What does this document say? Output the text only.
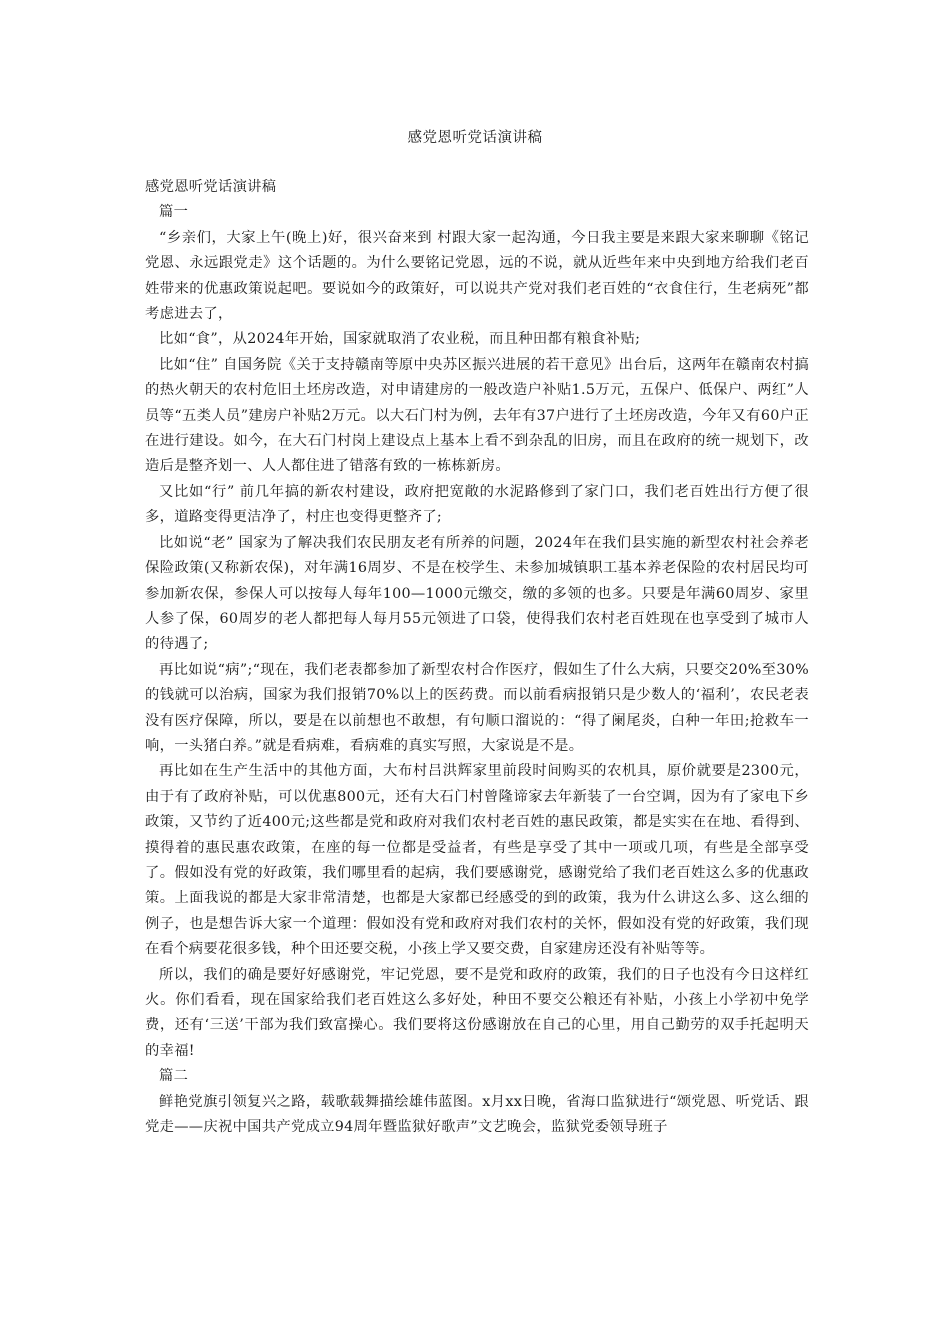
感党恩听党话演讲稿

感党恩听党话演讲稿

篇一

“乡亲们，大家上午(晚上)好，很兴奋来到 村跟大家一起沟通，今日我主要是来跟大家来聊聊《铭记党恩、永远跟党走》这个话题的。为什么要铭记党恩，远的不说，就从近些年来中央到地方给我们老百姓带来的优惠政策说起吧。要说如今的政策好，可以说共产党对我们老百姓的“衣食住行，生老病死”都考虑进去了，

比如“食”，从2024年开始，国家就取消了农业税，而且种田都有粮食补贴;

比如“住” 自国务院《关于支持赣南等原中央苏区振兴进展的若干意见》出台后，这两年在赣南农村搞的热火朝天的农村危旧土坯房改造，对申请建房的一般改造户补贴1.5万元，五保户、低保户、两红”人员等“五类人员”建房户补贴2万元。以大石门村为例，去年有37户进行了土坯房改造，今年又有60户正在进行建设。如今，在大石门村岗上建设点上基本上看不到杂乱的旧房，而且在政府的统一规划下，改造后是整齐划一、人人都住进了错落有致的一栋栋新房。

又比如“行” 前几年搞的新农村建设，政府把宽敞的水泥路修到了家门口，我们老百姓出行方便了很多，道路变得更洁净了，村庄也变得更整齐了;

比如说“老” 国家为了解决我们农民朋友老有所养的问题，2024年在我们县实施的新型农村社会养老保险政策(又称新农保)，对年满16周岁、不是在校学生、未参加城镇职工基本养老保险的农村居民均可参加新农保，参保人可以按每人每年100—1000元缴交，缴的多领的也多。只要是年满60周岁、家里人参了保，60周岁的老人都把每人每月55元领进了口袋，使得我们农村老百姓现在也享受到了城市人的待遇了;

再比如说“病”;“现在，我们老表都参加了新型农村合作医疗，假如生了什么大病，只要交20%至30%的钱就可以治病，国家为我们报销70%以上的医药费。而以前看病报销只是少数人的‘福利’，农民老表没有医疗保障，所以，要是在以前想也不敢想，有句顺口溜说的：“得了阑尾炎，白种一年田;抢救车一响，一头猪白养。”就是看病难，看病难的真实写照，大家说是不是。

再比如在生产生活中的其他方面，大布村吕洪辉家里前段时间购买的农机具，原价就要是2300元，由于有了政府补贴，可以优惠800元，还有大石门村曾隆谛家去年新装了一台空调，因为有了家电下乡政策，又节约了近400元;这些都是党和政府对我们农村老百姓的惠民政策，都是实实在在地、看得到、摸得着的惠民惠农政策，在座的每一位都是受益者，有些是享受了其中一项或几项，有些是全部享受了。假如没有党的好政策，我们哪里看的起病，我们要感谢党，感谢党给了我们老百姓这么多的优惠政策。上面我说的都是大家非常清楚，也都是大家都已经感受的到的政策，我为什么讲这么多、这么细的例子，也是想告诉大家一个道理：假如没有党和政府对我们农村的关怀，假如没有党的好政策，我们现在看个病要花很多钱，种个田还要交税，小孩上学又要交费，自家建房还没有补贴等等。

所以，我们的确是要好好感谢党，牢记党恩，要不是党和政府的政策，我们的日子也没有今日这样红火。你们看看，现在国家给我们老百姓这么多好处，种田不要交公粮还有补贴，小孩上小学初中免学费，还有‘三送’干部为我们致富操心。我们要将这份感谢放在自己的心里，用自己勤劳的双手托起明天的幸福!

篇二

鲜艳党旗引领复兴之路，载歌载舞描绘雄伟蓝图。x月xx日晚，省海口监狱进行“颂党恩、听党话、跟党走——庆祝中国共产党成立94周年暨监狱好歌声”文艺晚会，监狱党委领导班子
